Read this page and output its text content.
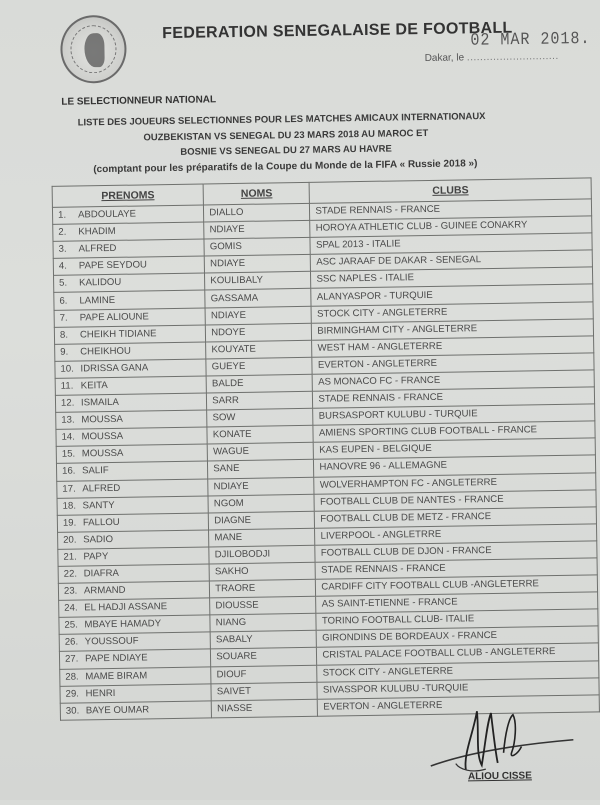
FEDERATION SENEGALAISE DE FOOTBALL
02 MAR 2018.
Dakar, le ............................
LE SELECTIONNEUR NATIONAL
LISTE DES JOUEURS SELECTIONNES POUR LES MATCHES AMICAUX INTERNATIONAUX
OUZBEKISTAN VS SENEGAL DU 23 MARS 2018 AU MAROC ET
BOSNIE VS SENEGAL DU 27 MARS AU HAVRE
(comptant pour les préparatifs de la Coupe du Monde de la FIFA « Russie 2018 »)
PRENOMS	NOMS	CLUBS
1. ABDOULAYE	DIALLO	STADE RENNAIS - FRANCE
2. KHADIM	NDIAYE	HOROYA ATHLETIC CLUB - GUINEE CONAKRY
3. ALFRED	GOMIS	SPAL 2013 - ITALIE
4. PAPE SEYDOU	NDIAYE	ASC JARAAF DE DAKAR - SENEGAL
5. KALIDOU	KOULIBALY	SSC NAPLES - ITALIE
6. LAMINE	GASSAMA	ALANYASPOR - TURQUIE
7. PAPE ALIOUNE	NDIAYE	STOCK CITY - ANGLETERRE
8. CHEIKH TIDIANE	NDOYE	BIRMINGHAM CITY - ANGLETERRE
9. CHEIKHOU	KOUYATE	WEST HAM - ANGLETERRE
10. IDRISSA GANA	GUEYE	EVERTON - ANGLETERRE
11. KEITA	BALDE	AS MONACO FC - FRANCE
12. ISMAILA	SARR	STADE RENNAIS - FRANCE
13. MOUSSA	SOW	BURSASPORT KULUBU - TURQUIE
14. MOUSSA	KONATE	AMIENS SPORTING CLUB FOOTBALL - FRANCE
15. MOUSSA	WAGUE	KAS EUPEN - BELGIQUE
16. SALIF	SANE	HANOVRE 96 - ALLEMAGNE
17. ALFRED	NDIAYE	WOLVERHAMPTON FC - ANGLETERRE
18. SANTY	NGOM	FOOTBALL CLUB DE NANTES - FRANCE
19. FALLOU	DIAGNE	FOOTBALL CLUB DE METZ - FRANCE
20. SADIO	MANE	LIVERPOOL - ANGLETRRE
21. PAPY	DJILOBODJI	FOOTBALL CLUB DE DJON - FRANCE
22. DIAFRA	SAKHO	STADE RENNAIS - FRANCE
23. ARMAND	TRAORE	CARDIFF CITY FOOTBALL CLUB -ANGLETERRE
24. EL HADJI ASSANE	DIOUSSE	AS SAINT-ETIENNE - FRANCE
25. MBAYE HAMADY	NIANG	TORINO FOOTBALL CLUB- ITALIE
26. YOUSSOUF	SABALY	GIRONDINS DE BORDEAUX - FRANCE
27. PAPE NDIAYE	SOUARE	CRISTAL PALACE FOOTBALL CLUB - ANGLETERRE
28. MAME BIRAM	DIOUF	STOCK CITY - ANGLETERRE
29. HENRI	SAIVET	SIVASSPOR KULUBU -TURQUIE
30. BAYE OUMAR	NIASSE	EVERTON - ANGLETERRE
ALIOU CISSE
